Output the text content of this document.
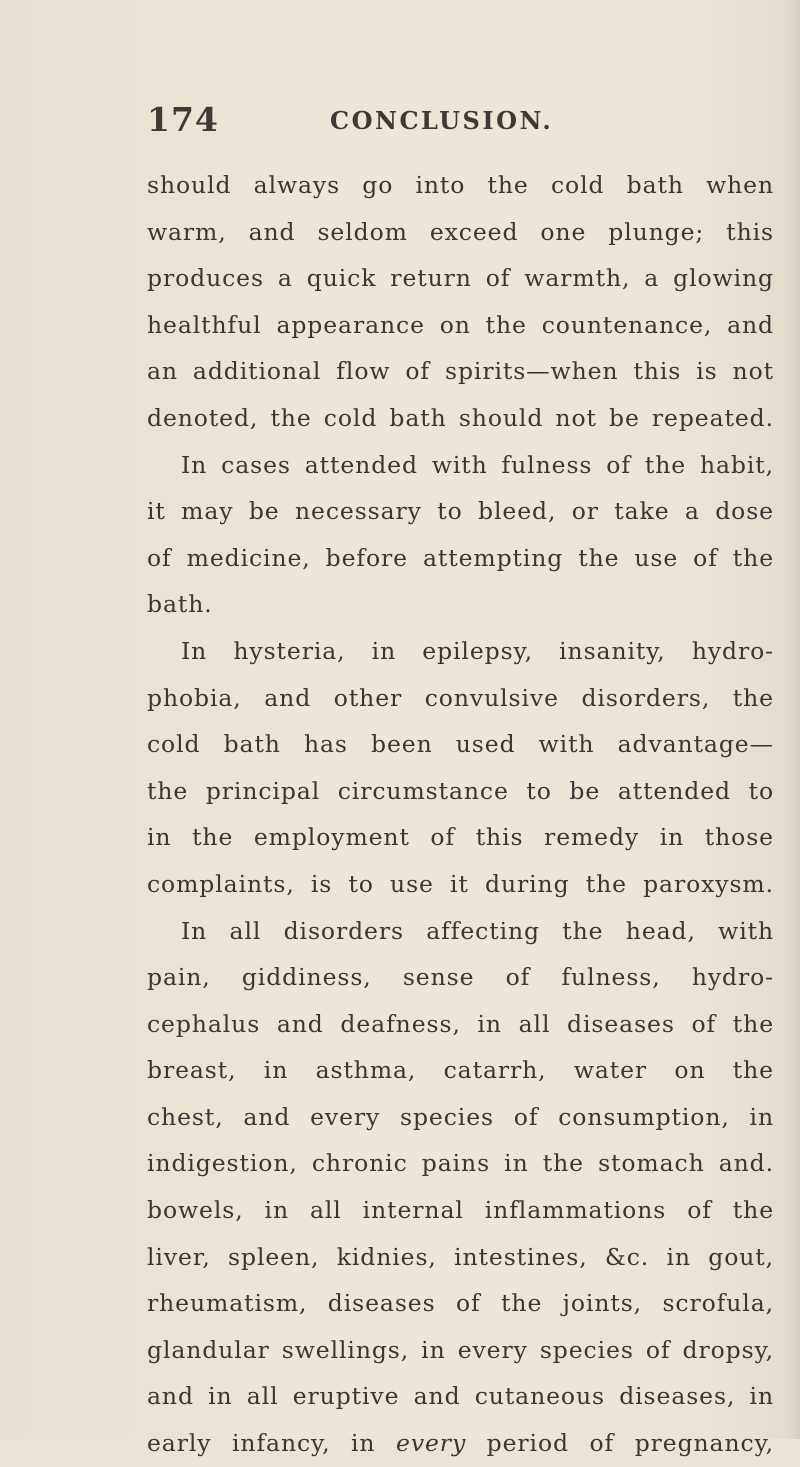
174	CONCLUSION.
should always go into the cold bath when
warm, and seldom exceed one plunge; this
produces a quick return of warmth, a glowing
healthful appearance on the countenance, and
an additional flow of spirits—when this is not
denoted, the cold bath should not be repeated.
In cases attended with fulness of the habit,
it may be necessary to bleed, or take a dose
of medicine, before attempting the use of the
bath.
In hysteria, in epilepsy, insanity, hydro-
phobia, and other convulsive disorders, the
cold bath has been used with advantage—
the principal circumstance to be attended to
in the employment of this remedy in those
complaints, is to use it during the paroxysm.
In all disorders affecting the head, with
pain, giddiness, sense of fulness, hydro-
cephalus and deafness, in all diseases of the
breast, in asthma, catarrh, water on the
chest, and every species of consumption, in
indigestion, chronic pains in the stomach and.
bowels, in all internal inflammations of the
liver, spleen, kidnies, intestines, &c. in gout,
rheumatism, diseases of the joints, scrofula,
glandular swellings, in every species of dropsy,
and in all eruptive and cutaneous diseases, in
early infancy, in every period of pregnancy,
